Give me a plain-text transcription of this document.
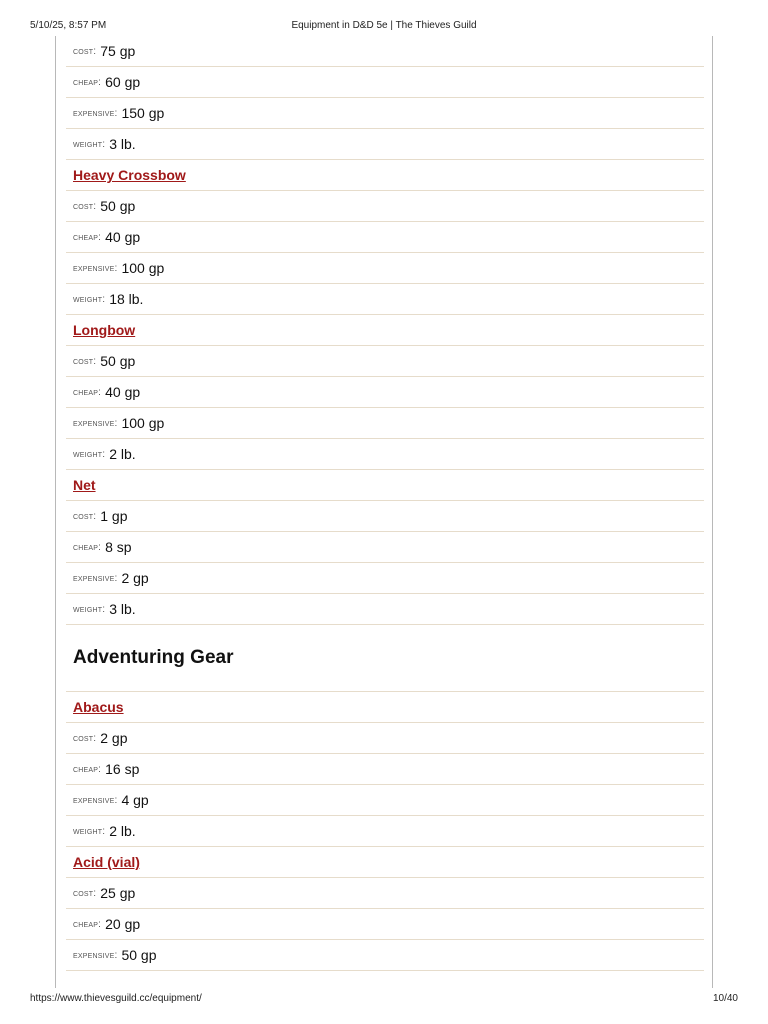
5/10/25, 8:57 PM	Equipment in D&D 5e | The Thieves Guild
cost: 75 gp
cheap: 60 gp
expensive: 150 gp
weight: 3 lb.
Heavy Crossbow
cost: 50 gp
cheap: 40 gp
expensive: 100 gp
weight: 18 lb.
Longbow
cost: 50 gp
cheap: 40 gp
expensive: 100 gp
weight: 2 lb.
Net
cost: 1 gp
cheap: 8 sp
expensive: 2 gp
weight: 3 lb.
Adventuring Gear
Abacus
cost: 2 gp
cheap: 16 sp
expensive: 4 gp
weight: 2 lb.
Acid (vial)
cost: 25 gp
cheap: 20 gp
expensive: 50 gp
https://www.thievesguild.cc/equipment/	10/40
